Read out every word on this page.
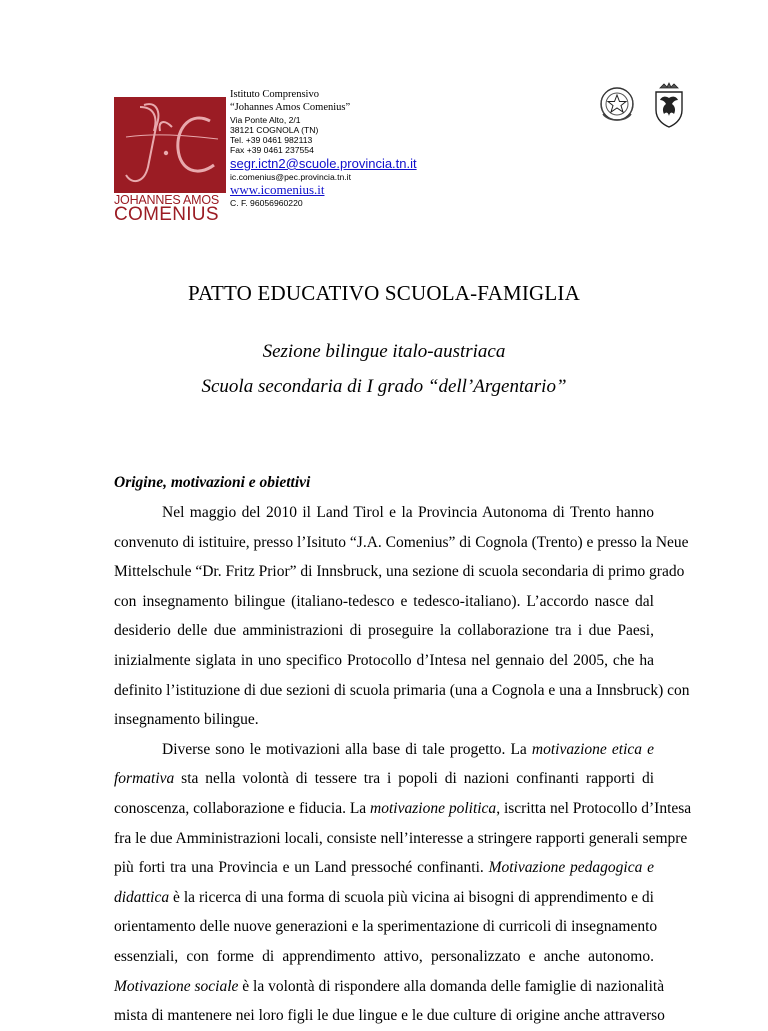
JOHANNES AMOS
COMENIUS
Istituto Comprensivo
“Johannes Amos Comenius”
Via Ponte Alto, 2/1
38121 COGNOLA (TN)
Tel. +39 0461 982113
Fax +39 0461 237554
segr.ictn2@scuole.provincia.tn.it
ic.comenius@pec.provincia.tn.it
www.icomenius.it
C. F. 96056960220
PATTO EDUCATIVO SCUOLA-FAMIGLIA
Sezione bilingue italo-austriaca
Scuola secondaria di I grado “dell’Argentario”
Origine, motivazioni e obiettivi
Nel maggio del 2010 il Land Tirol e la Provincia Autonoma di Trento hanno
convenuto di istituire, presso l’Isituto “J.A. Comenius” di Cognola (Trento) e presso la Neue
Mittelschule “Dr. Fritz Prior” di Innsbruck, una sezione di scuola secondaria di primo grado
con insegnamento bilingue (italiano-tedesco e tedesco-italiano). L’accordo nasce dal
desiderio delle due amministrazioni di proseguire la collaborazione tra i due Paesi,
inizialmente siglata in uno specifico Protocollo d’Intesa nel gennaio del 2005, che ha
definito l’istituzione di due sezioni di scuola primaria (una a Cognola e una a Innsbruck) con
insegnamento bilingue.
Diverse sono le motivazioni alla base di tale progetto. La motivazione etica e
formativa sta nella volontà di tessere tra i popoli di nazioni confinanti rapporti di
conoscenza, collaborazione e fiducia. La motivazione politica, iscritta nel Protocollo d’Intesa
fra le due Amministrazioni locali, consiste nell’interesse a stringere rapporti generali sempre
più forti tra una Provincia e un Land pressoché confinanti. Motivazione pedagogica e
didattica è la ricerca di una forma di scuola più vicina ai bisogni di apprendimento e di
orientamento delle nuove generazioni e la sperimentazione di curricoli di insegnamento
essenziali, con forme di apprendimento attivo, personalizzato e anche autonomo.
Motivazione sociale è la volontà di rispondere alla domanda delle famiglie di nazionalità
mista di mantenere nei loro figli le due lingue e le due culture di origine anche attraverso
